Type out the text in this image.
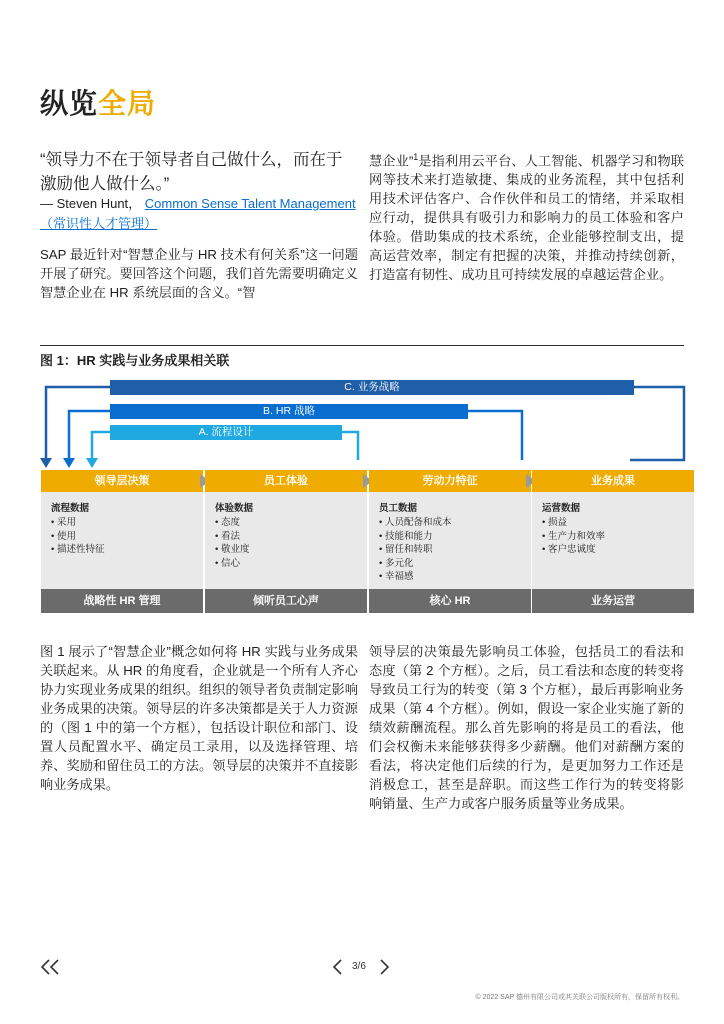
纵览全局
“领导力不在于领导者自己做什么，而在于激励他人做什么。”
— Steven Hunt， Common Sense Talent Management（常识性人才管理）
SAP 最近针对“智慧企业与 HR 技术有何关系”这一问题开展了研究。要回答这个问题，我们首先需要明确定义智慧企业在 HR 系统层面的含义。“智
慧企业”$^1$是指利用云平台、人工智能、机器学习和物联网等技术来打造敏捷、集成的业务流程，其中包括利用技术评估客户、合作伙伴和员工的情绪，并采取相应行动，提供具有吸引力和影响力的员工体验和客户体验。借助集成的技术系统，企业能够控制支出，提高运营效率，制定有把握的决策，并推动持续创新，打造富有韧性、成功且可持续发展的卓越运营企业。
图 1：HR 实践与业务成果相关联
C. 业务战略
B. HR 战略
A. 流程设计
领导层决策
流程数据
• 采用
• 使用
• 描述性特征
战略性 HR 管理
员工体验
体验数据
• 态度
• 看法
• 敬业度
• 信心
倾听员工心声
劳动力特征
员工数据
• 人员配备和成本
• 技能和能力
• 留任和转职
• 多元化
• 幸福感
核心 HR
业务成果
运营数据
• 损益
• 生产力和效率
• 客户忠诚度
业务运营
图 1 展示了“智慧企业”概念如何将 HR 实践与业务成果关联起来。从 HR 的角度看，企业就是一个所有人齐心协力实现业务成果的组织。组织的领导者负责制定影响业务成果的决策。领导层的许多决策都是关于人力资源的（图 1 中的第一个方框），包括设计职位和部门、设置人员配置水平、确定员工录用，以及选择管理、培养、奖励和留住员工的方法。领导层的决策并不直接影响业务成果。
领导层的决策最先影响员工体验，包括员工的看法和态度（第 2 个方框）。之后，员工看法和态度的转变将导致员工行为的转变（第 3 个方框），最后再影响业务成果（第 4 个方框）。例如，假设一家企业实施了新的绩效薪酬流程。那么首先影响的将是员工的看法，他们会权衡未来能够获得多少薪酬。他们对薪酬方案的看法，将决定他们后续的行为，是更加努力工作还是消极怠工，甚至是辞职。而这些工作行为的转变将影响销量、生产力或客户服务质量等业务成果。
3/6
© 2022 SAP 德州有限公司或其关联公司版权所有，保留所有权利。
